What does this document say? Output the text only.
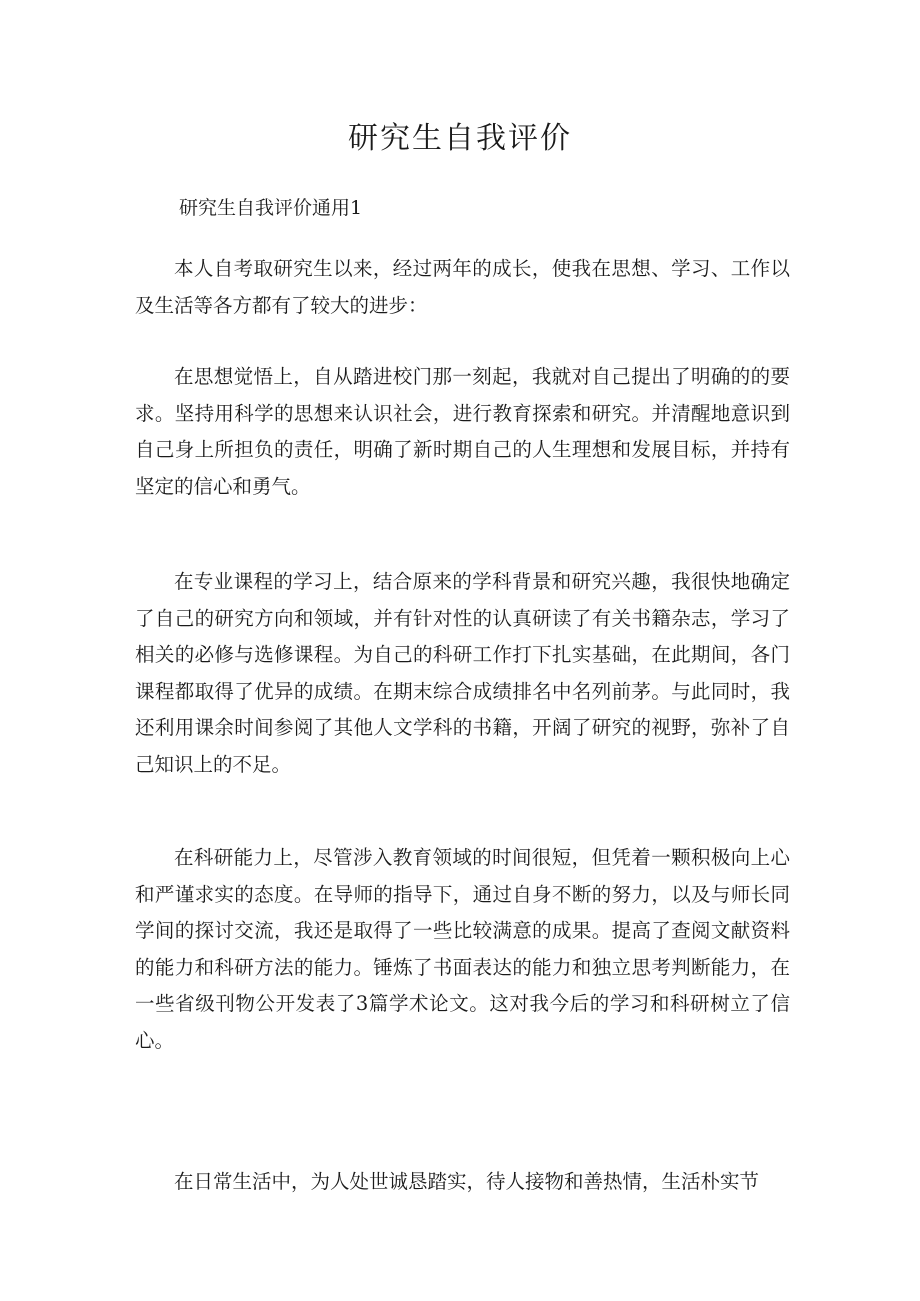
研究生自我评价

研究生自我评价通用1

本人自考取研究生以来，经过两年的成长，使我在思想、学习、工作以及生活等各方都有了较大的进步：

在思想觉悟上，自从踏进校门那一刻起，我就对自己提出了明确的的要求。坚持用科学的思想来认识社会，进行教育探索和研究。并清醒地意识到自己身上所担负的责任，明确了新时期自己的人生理想和发展目标，并持有坚定的信心和勇气。

在专业课程的学习上，结合原来的学科背景和研究兴趣，我很快地确定了自己的研究方向和领域，并有针对性的认真研读了有关书籍杂志，学习了相关的必修与选修课程。为自己的科研工作打下扎实基础，在此期间，各门课程都取得了优异的成绩。在期末综合成绩排名中名列前茅。与此同时，我还利用课余时间参阅了其他人文学科的书籍，开阔了研究的视野，弥补了自己知识上的不足。

在科研能力上，尽管涉入教育领域的时间很短，但凭着一颗积极向上心和严谨求实的态度。在导师的指导下，通过自身不断的努力，以及与师长同学间的探讨交流，我还是取得了一些比较满意的成果。提高了查阅文献资料的能力和科研方法的能力。锤炼了书面表达的能力和独立思考判断能力，在一些省级刊物公开发表了3篇学术论文。这对我今后的学习和科研树立了信心。

在日常生活中，为人处世诚恳踏实，待人接物和善热情，生活朴实节
